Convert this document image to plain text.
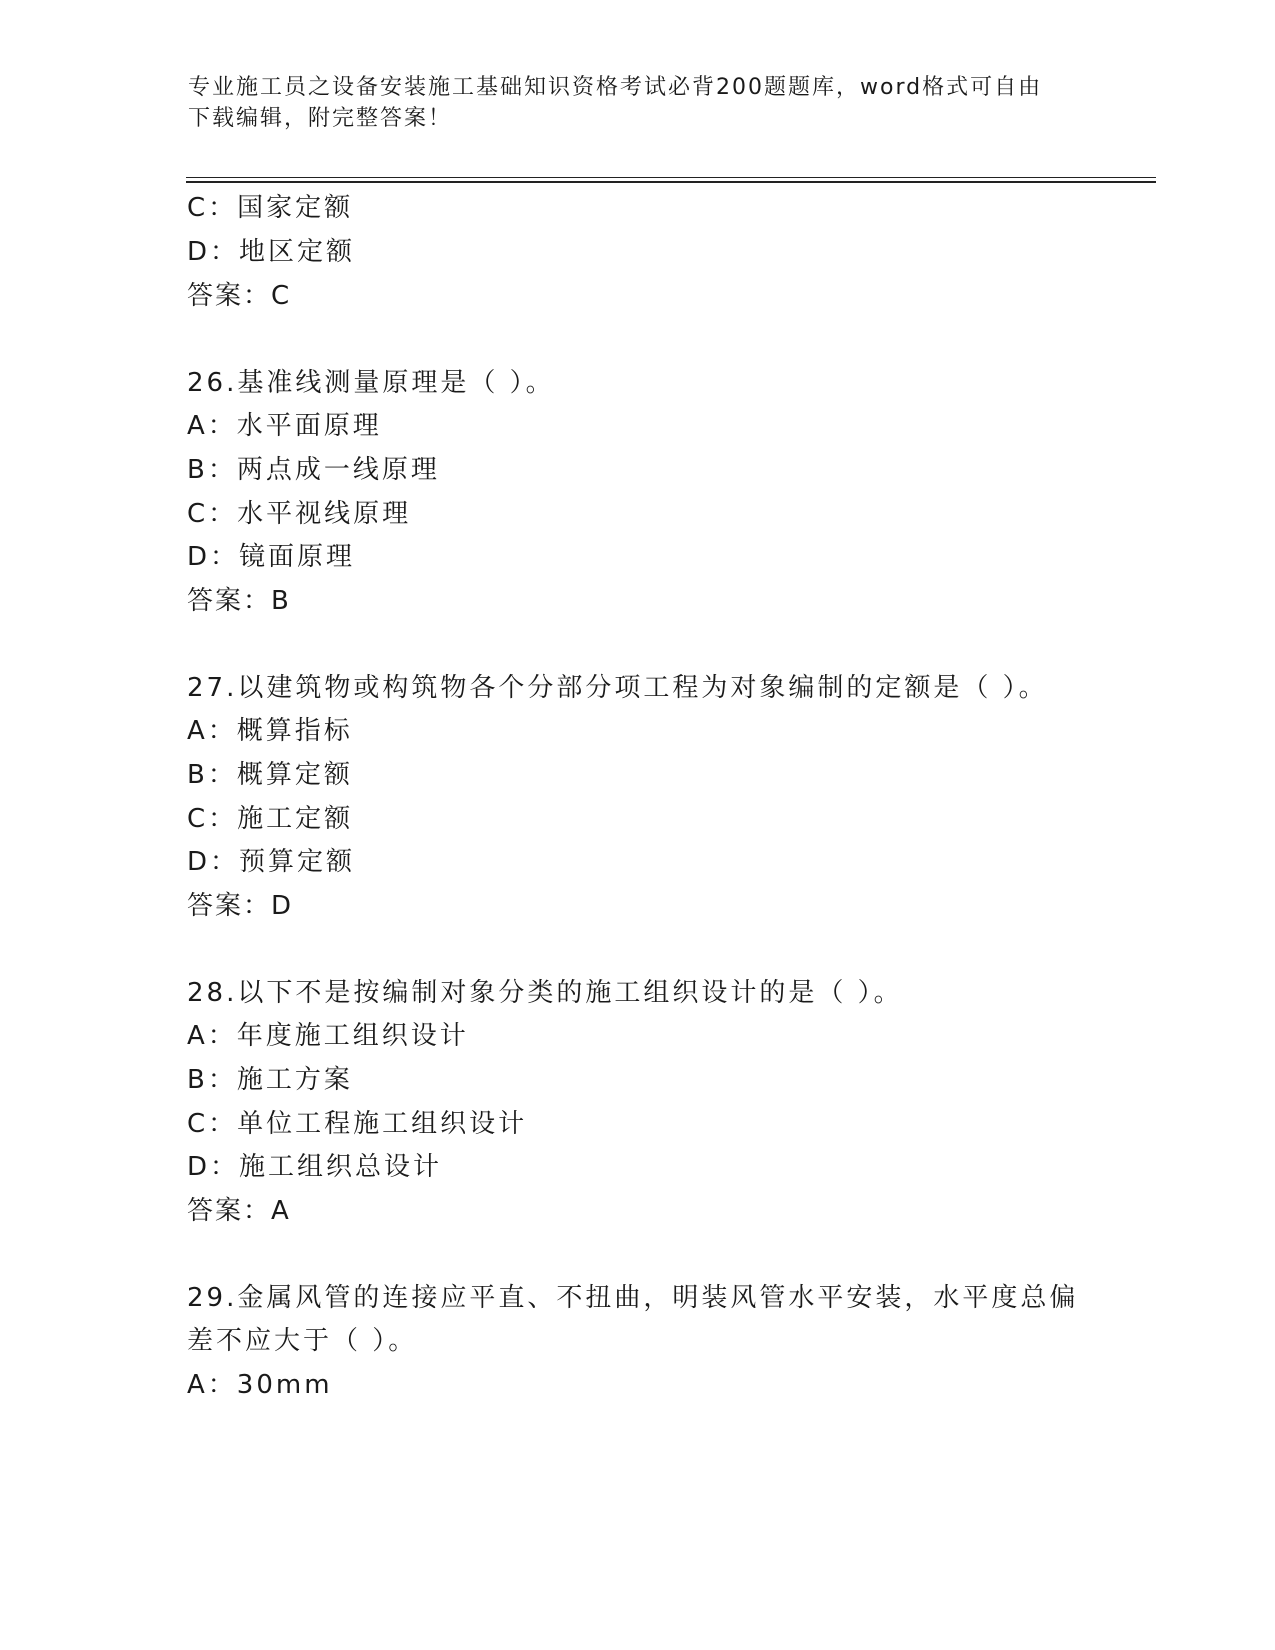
专业施工员之设备安装施工基础知识资格考试必背200题题库，word格式可自由
下载编辑，附完整答案！
C：国家定额
D：地区定额
答案：C
26.基准线测量原理是（ ）。
A：水平面原理
B：两点成一线原理
C：水平视线原理
D：镜面原理
答案：B
27.以建筑物或构筑物各个分部分项工程为对象编制的定额是（ ）。
A：概算指标
B：概算定额
C：施工定额
D：预算定额
答案：D
28.以下不是按编制对象分类的施工组织设计的是（ ）。
A：年度施工组织设计
B：施工方案
C：单位工程施工组织设计
D：施工组织总设计
答案：A
29.金属风管的连接应平直、不扭曲，明装风管水平安装，水平度总偏
差不应大于（ ）。
A：30mm
